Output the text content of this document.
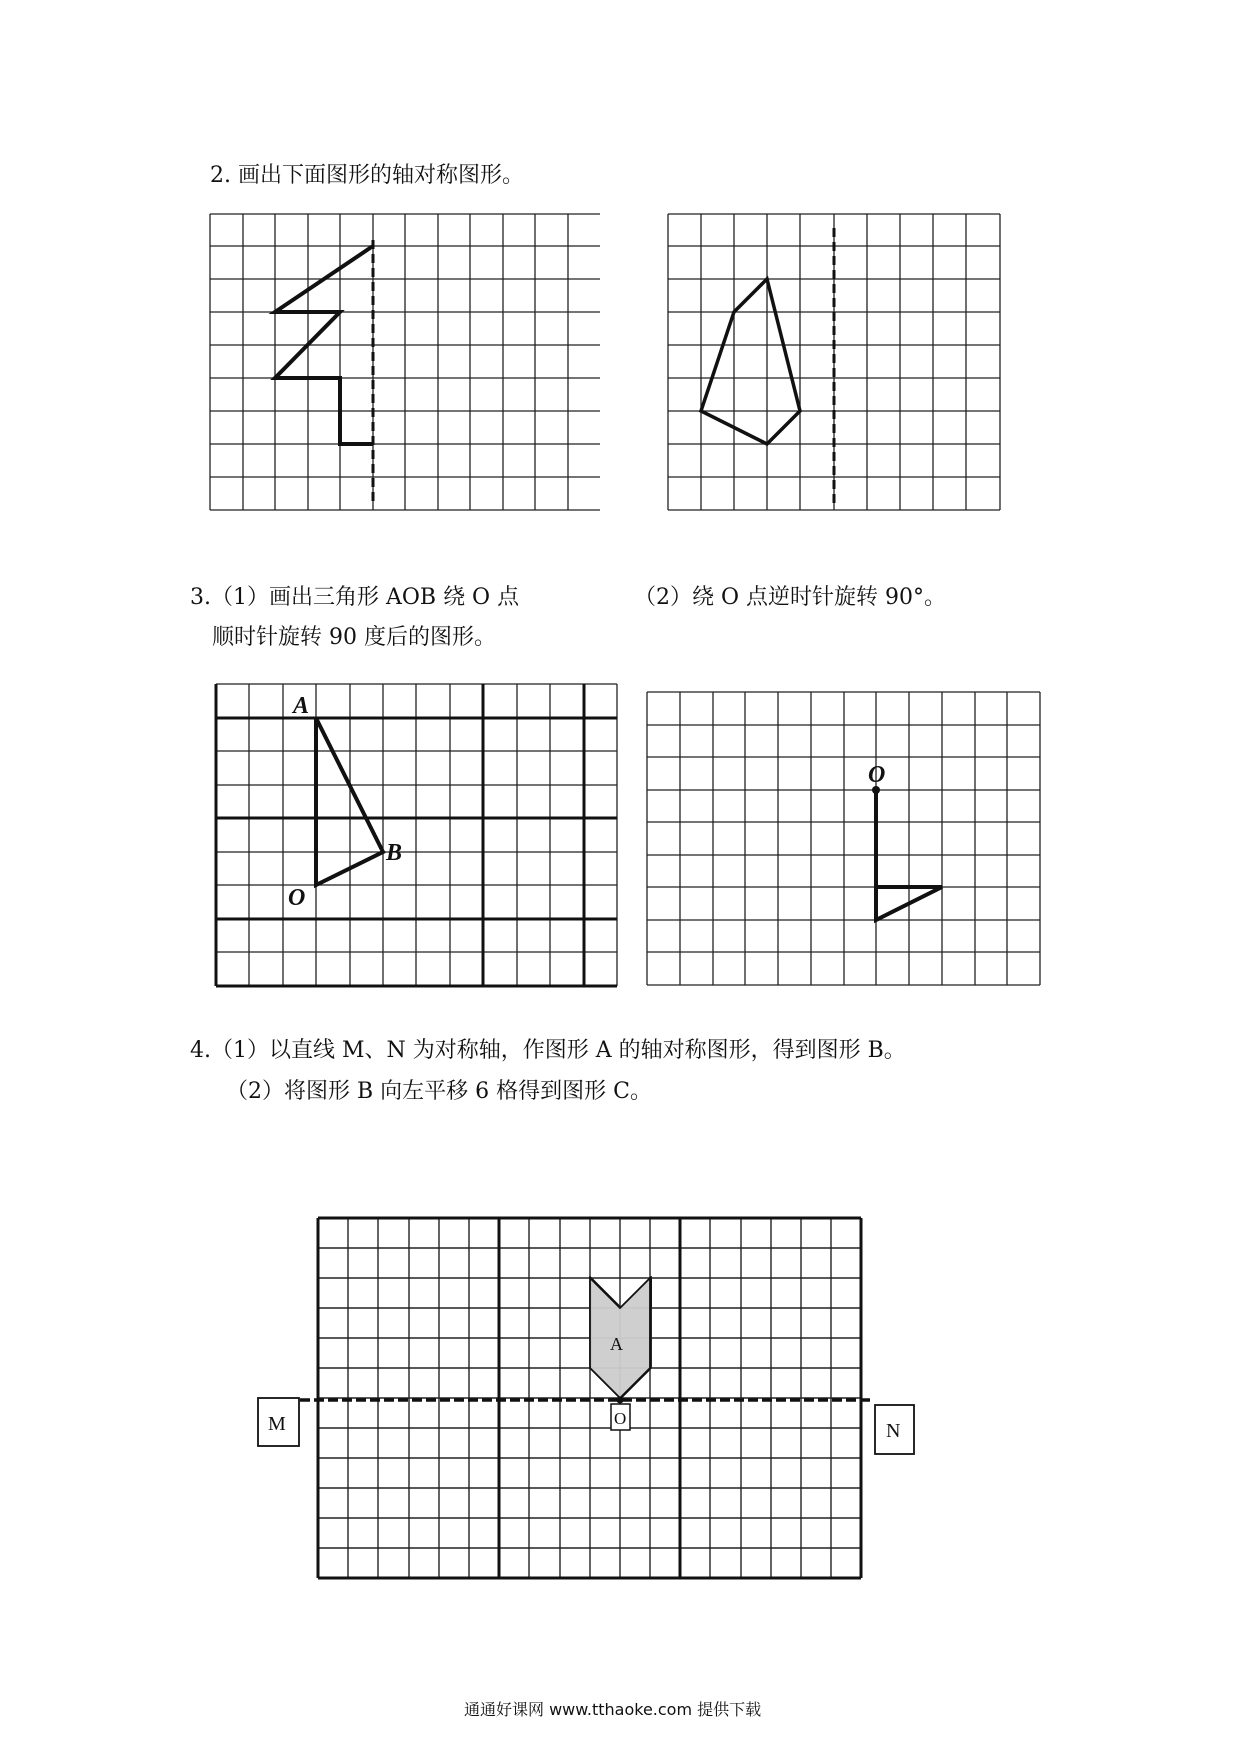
2. 画出下面图形的轴对称图形。

3.（1）画出三角形 AOB 绕 O 点

顺时针旋转 90 度后的图形。

（2）绕 O 点逆时针旋转 90°。

A
B
O
O

4.（1）以直线 M、N 为对称轴，作图形 A 的轴对称图形，得到图形 B。

（2）将图形 B 向左平移 6 格得到图形 C。

A
O
M	N
通通好课网 www.tthaoke.com 提供下载
